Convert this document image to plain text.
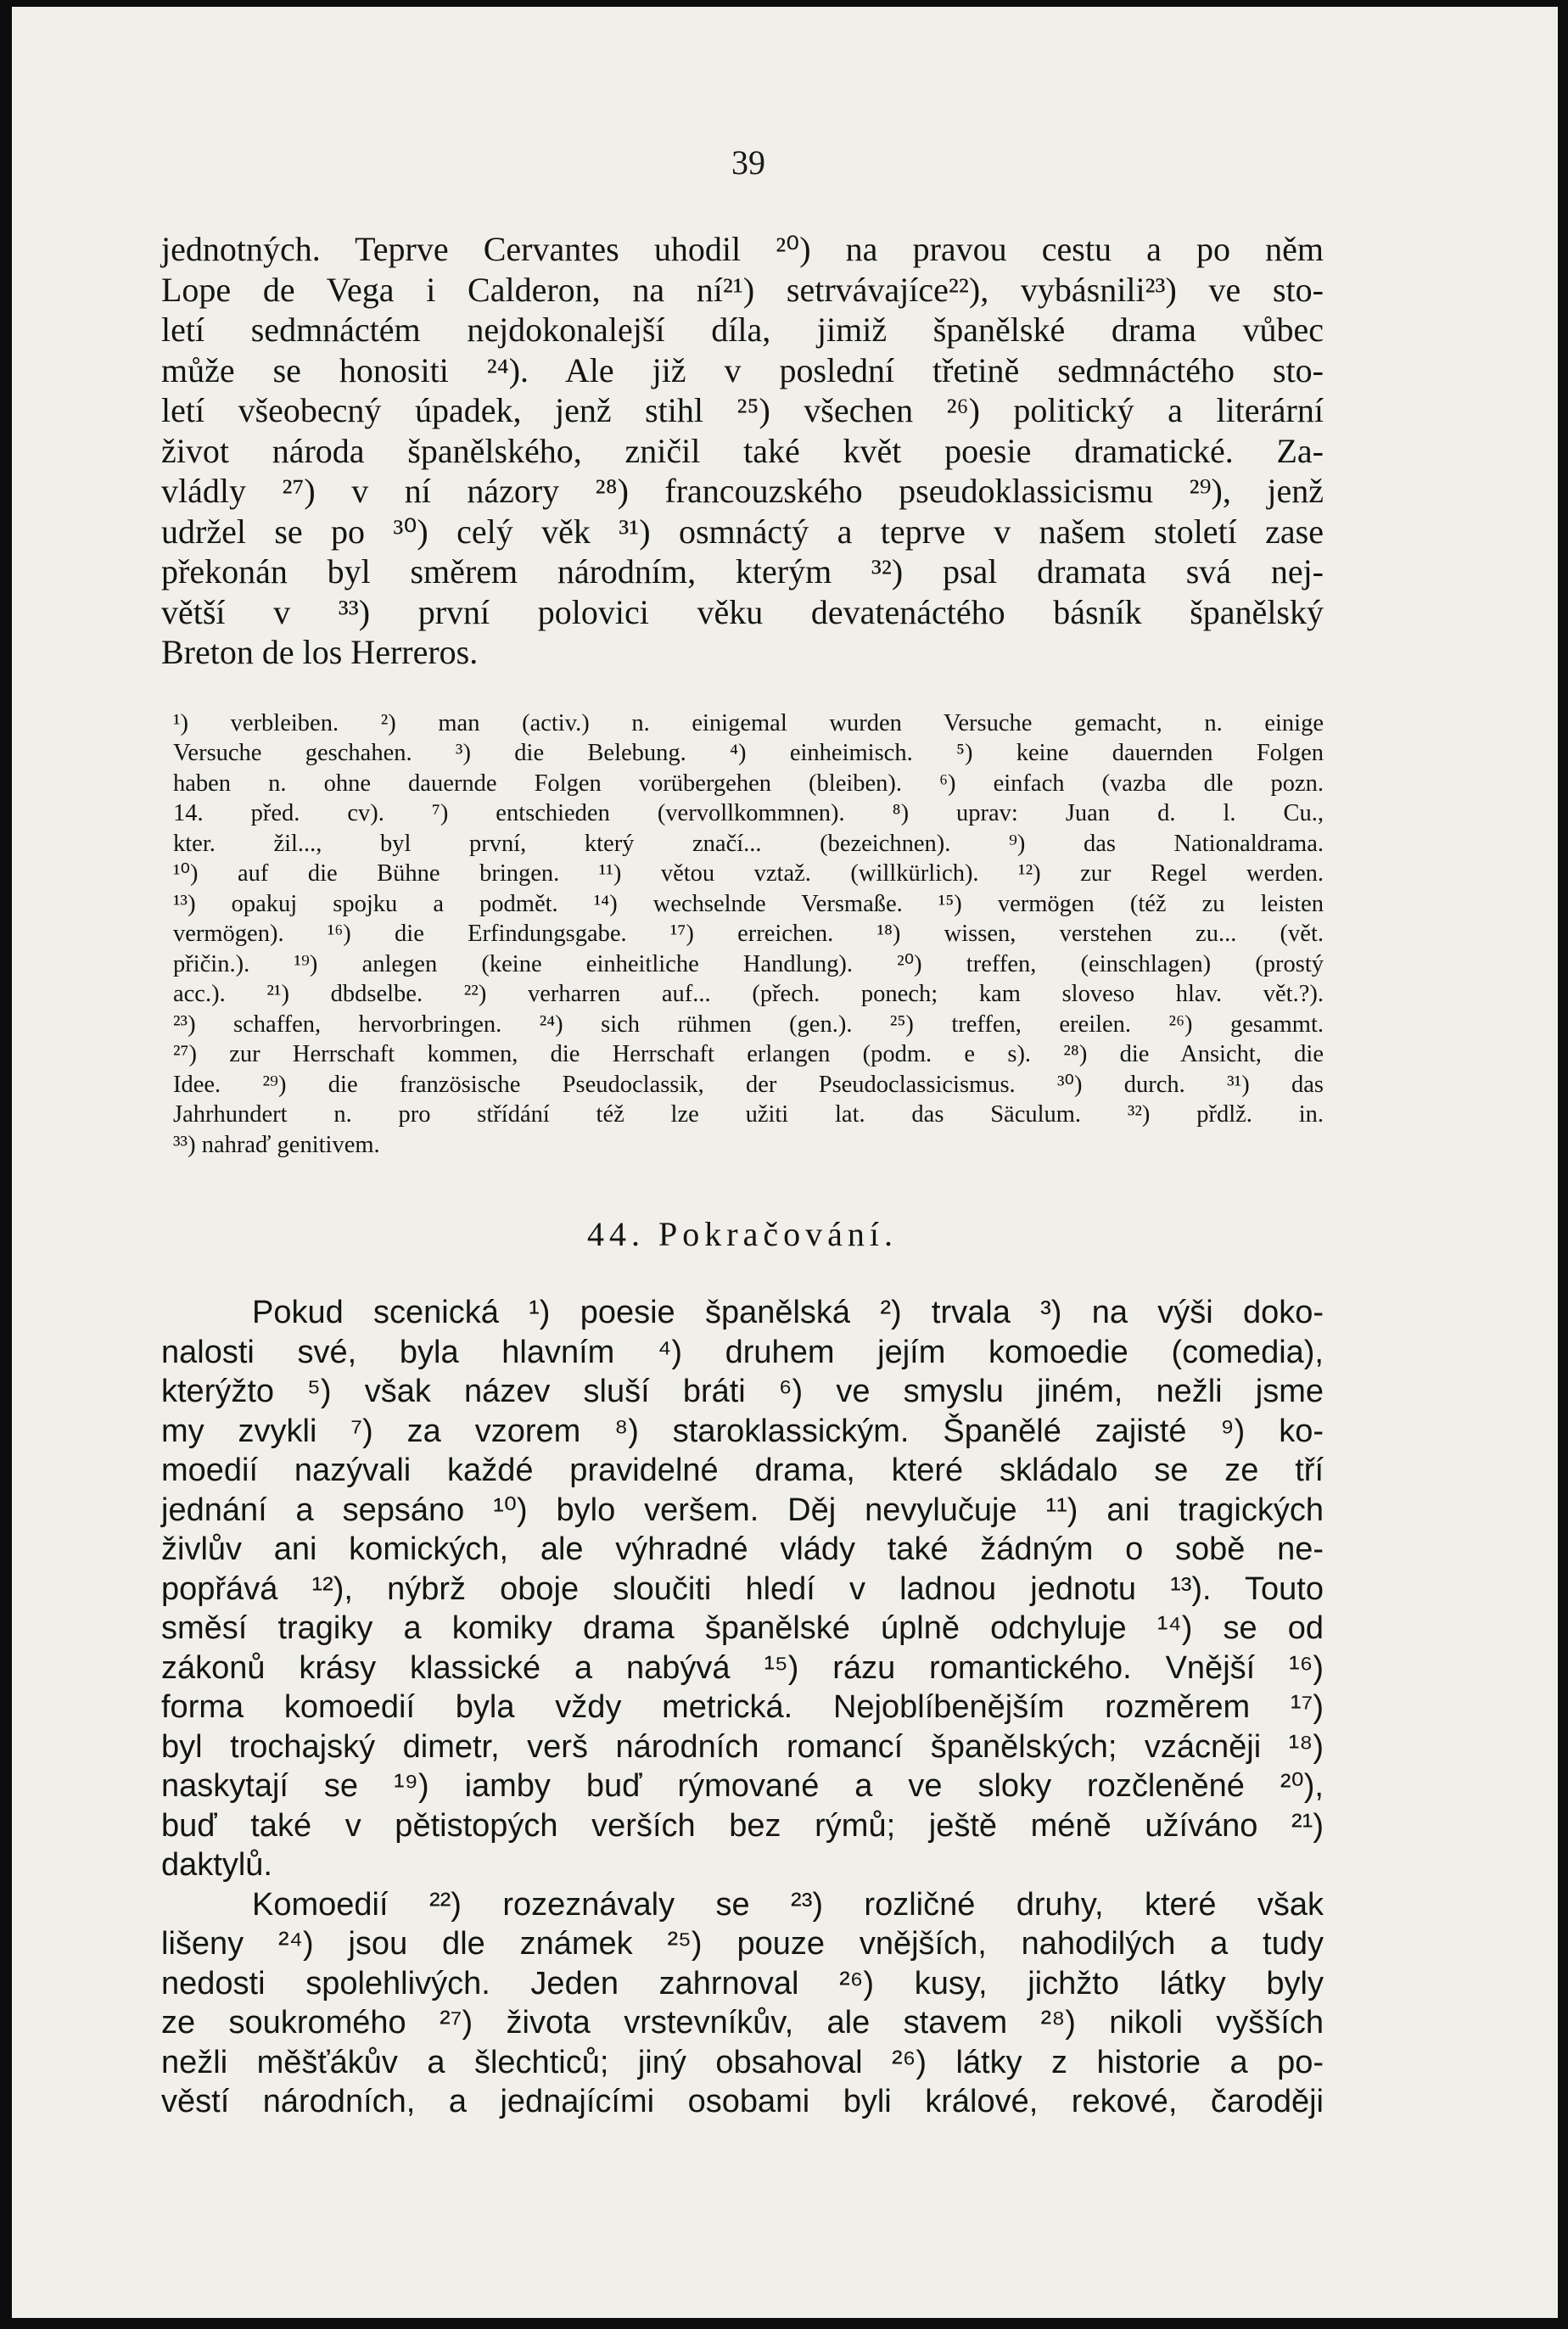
39

jednotných. Teprve Cervantes uhodil ²⁰) na pravou cestu a po něm

Lope de Vega i Calderon, na ní²¹) setrvávajíce²²), vybásnili²³) ve sto-

letí sedmnáctém nejdokonalejší díla, jimiž španělské drama vůbec

může se honositi ²⁴). Ale již v poslední třetině sedmnáctého sto-

letí všeobecný úpadek, jenž stihl ²⁵) všechen ²⁶) politický a literární

život národa španělského, zničil také květ poesie dramatické. Za-

vládly ²⁷) v ní názory ²⁸) francouzského pseudoklassicismu ²⁹), jenž

udržel se po ³⁰) celý věk ³¹) osmnáctý a teprve v našem století zase

překonán byl směrem národním, kterým ³²) psal dramata svá nej-

větší v ³³) první polovici věku devatenáctého básník španělský

Breton de los Herreros.

¹) verbleiben. ²) man (activ.) n. einigemal wurden Versuche gemacht, n. einige

Versuche geschahen. ³) die Belebung. ⁴) einheimisch. ⁵) keine dauernden Folgen

haben n. ohne dauernde Folgen vorübergehen (bleiben). ⁶) einfach (vazba dle pozn.

14. před. cv). ⁷) entschieden (vervollkommnen). ⁸) uprav: Juan d. l. Cu.,

kter. žil..., byl první, který značí... (bezeichnen). ⁹) das Nationaldrama.

¹⁰) auf die Bühne bringen. ¹¹) větou vztaž. (willkürlich). ¹²) zur Regel werden.

¹³) opakuj spojku a podmět. ¹⁴) wechselnde Versmaße. ¹⁵) vermögen (též zu leisten

vermögen). ¹⁶) die Erfindungsgabe. ¹⁷) erreichen. ¹⁸) wissen, verstehen zu... (vět.

přičin.). ¹⁹) anlegen (keine einheitliche Handlung). ²⁰) treffen, (einschlagen) (prostý

acc.). ²¹) dbdselbe. ²²) verharren auf... (přech. ponech; kam sloveso hlav. vět.?).

²³) schaffen, hervorbringen. ²⁴) sich rühmen (gen.). ²⁵) treffen, ereilen. ²⁶) gesammt.

²⁷) zur Herrschaft kommen, die Herrschaft erlangen (podm. e s). ²⁸) die Ansicht, die

Idee. ²⁹) die französische Pseudoclassik, der Pseudoclassicismus. ³⁰) durch. ³¹) das

Jahrhundert n. pro střídání též lze užiti lat. das Säculum. ³²) přdlž. in.

³³) nahraď genitivem.

44. Pokračování.

Pokud scenická ¹) poesie španělská ²) trvala ³) na výši doko-

nalosti své, byla hlavním ⁴) druhem jejím komoedie (comedia),

kterýžto ⁵) však název sluší bráti ⁶) ve smyslu jiném, nežli jsme

my zvykli ⁷) za vzorem ⁸) staroklassickým. Španělé zajisté ⁹) ko-

moedií nazývali každé pravidelné drama, které skládalo se ze tří

jednání a sepsáno ¹⁰) bylo veršem. Děj nevylučuje ¹¹) ani tragických

živlův ani komických, ale výhradné vlády také žádným o sobě ne-

popřává ¹²), nýbrž oboje sloučiti hledí v ladnou jednotu ¹³). Touto

směsí tragiky a komiky drama španělské úplně odchyluje ¹⁴) se od

zákonů krásy klassické a nabývá ¹⁵) rázu romantického. Vnější ¹⁶)

forma komoedií byla vždy metrická. Nejoblíbenějším rozměrem ¹⁷)

byl trochajský dimetr, verš národních romancí španělských; vzácněji ¹⁸)

naskytají se ¹⁹) iamby buď rýmované a ve sloky rozčleněné ²⁰),

buď také v pětistopých verších bez rýmů; ještě méně užíváno ²¹)

daktylů.

Komoedií ²²) rozeznávaly se ²³) rozličné druhy, které však

lišeny ²⁴) jsou dle známek ²⁵) pouze vnějších, nahodilých a tudy

nedosti spolehlivých. Jeden zahrnoval ²⁶) kusy, jichžto látky byly

ze soukromého ²⁷) života vrstevníkův, ale stavem ²⁸) nikoli vyšších

nežli měšťákův a šlechticů; jiný obsahoval ²⁶) látky z historie a po-

věstí národních, a jednajícími osobami byli králové, rekové, čaroději
